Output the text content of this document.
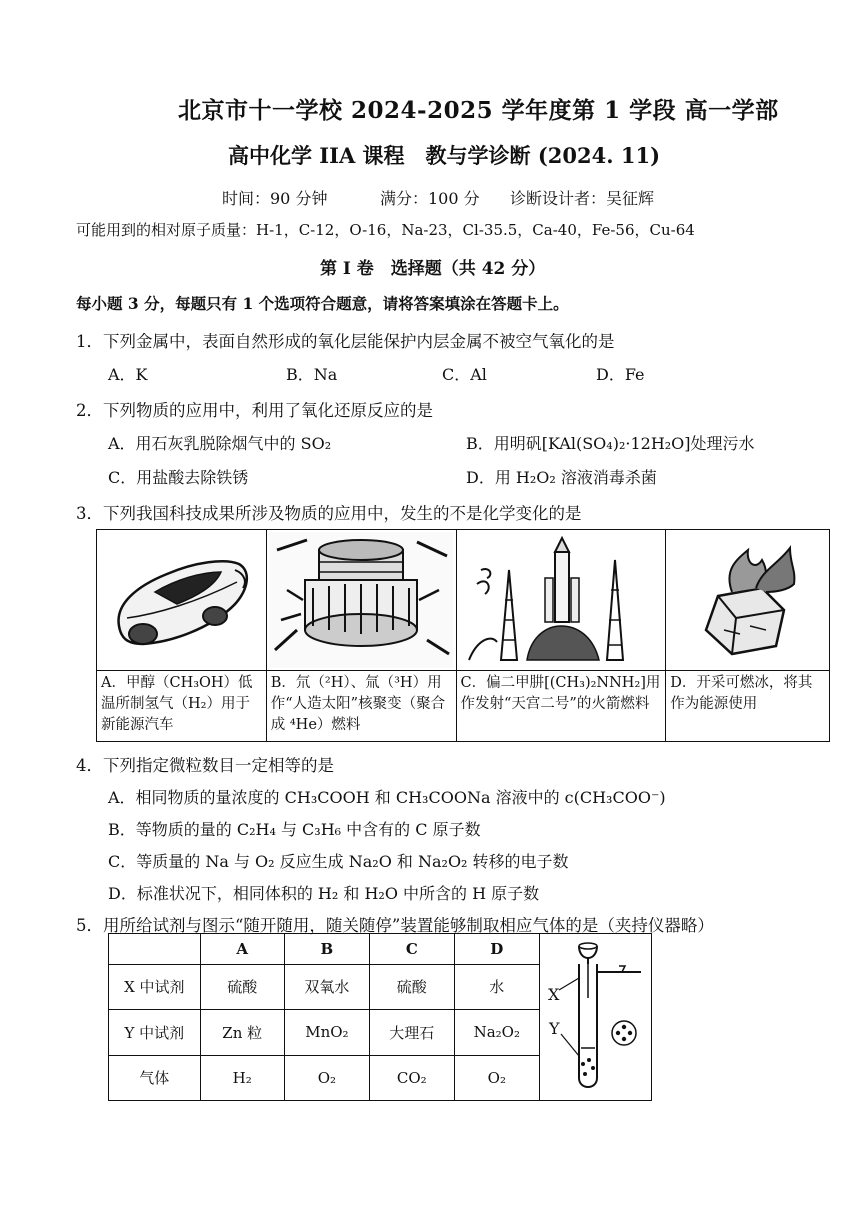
北京市十一学校 2024-2025 学年度第 1 学段 高一学部
高中化学 IIA 课程　教与学诊断 (2024. 11)
时间：90 分钟	满分：100 分 诊断设计者：吴征辉
可能用到的相对原子质量：H-1，C-12，O-16，Na-23，Cl-35.5，Ca-40，Fe-56，Cu-64
第 I 卷　选择题（共 42 分）
每小题 3 分，每题只有 1 个选项符合题意，请将答案填涂在答题卡上。
1．下列金属中，表面自然形成的氧化层能保护内层金属不被空气氧化的是
A．K	B．Na	C．Al	D．Fe
2．下列物质的应用中，利用了氧化还原反应的是
A．用石灰乳脱除烟气中的 SO₂	B．用明矾[KAl(SO₄)₂·12H₂O]处理污水
C．用盐酸去除铁锈	D．用 H₂O₂ 溶液消毒杀菌
3．下列我国科技成果所涉及物质的应用中，发生的不是化学变化的是

A．甲醇（CH₃OH）低温所制氢气（H₂）用于新能源汽车	B．氘（²H）、氚（³H）用作“人造太阳”核聚变（聚合成 ⁴He）燃料	C．偏二甲肼[(CH₃)₂NNH₂]用作发射“天宫二号”的火箭燃料	D．开采可燃冰，将其作为能源使用
4．下列指定微粒数目一定相等的是
A．相同物质的量浓度的 CH₃COOH 和 CH₃COONa 溶液中的 c(CH₃COO⁻)
B．等物质的量的 C₂H₄ 与 C₃H₆ 中含有的 C 原子数
C．等质量的 Na 与 O₂ 反应生成 Na₂O 和 Na₂O₂ 转移的电子数
D．标准状况下，相同体积的 H₂ 和 H₂O 中所含的 H 原子数
5．用所给试剂与图示“随开随用，随关随停”装置能够制取相应气体的是（夹持仪器略）
	A	B	C	D
X 中试剂	硫酸	双氧水	硫酸	水
Y 中试剂	Zn 粒	MnO₂	大理石	Na₂O₂
气体	H₂	O₂	CO₂	O₂
X
Y
